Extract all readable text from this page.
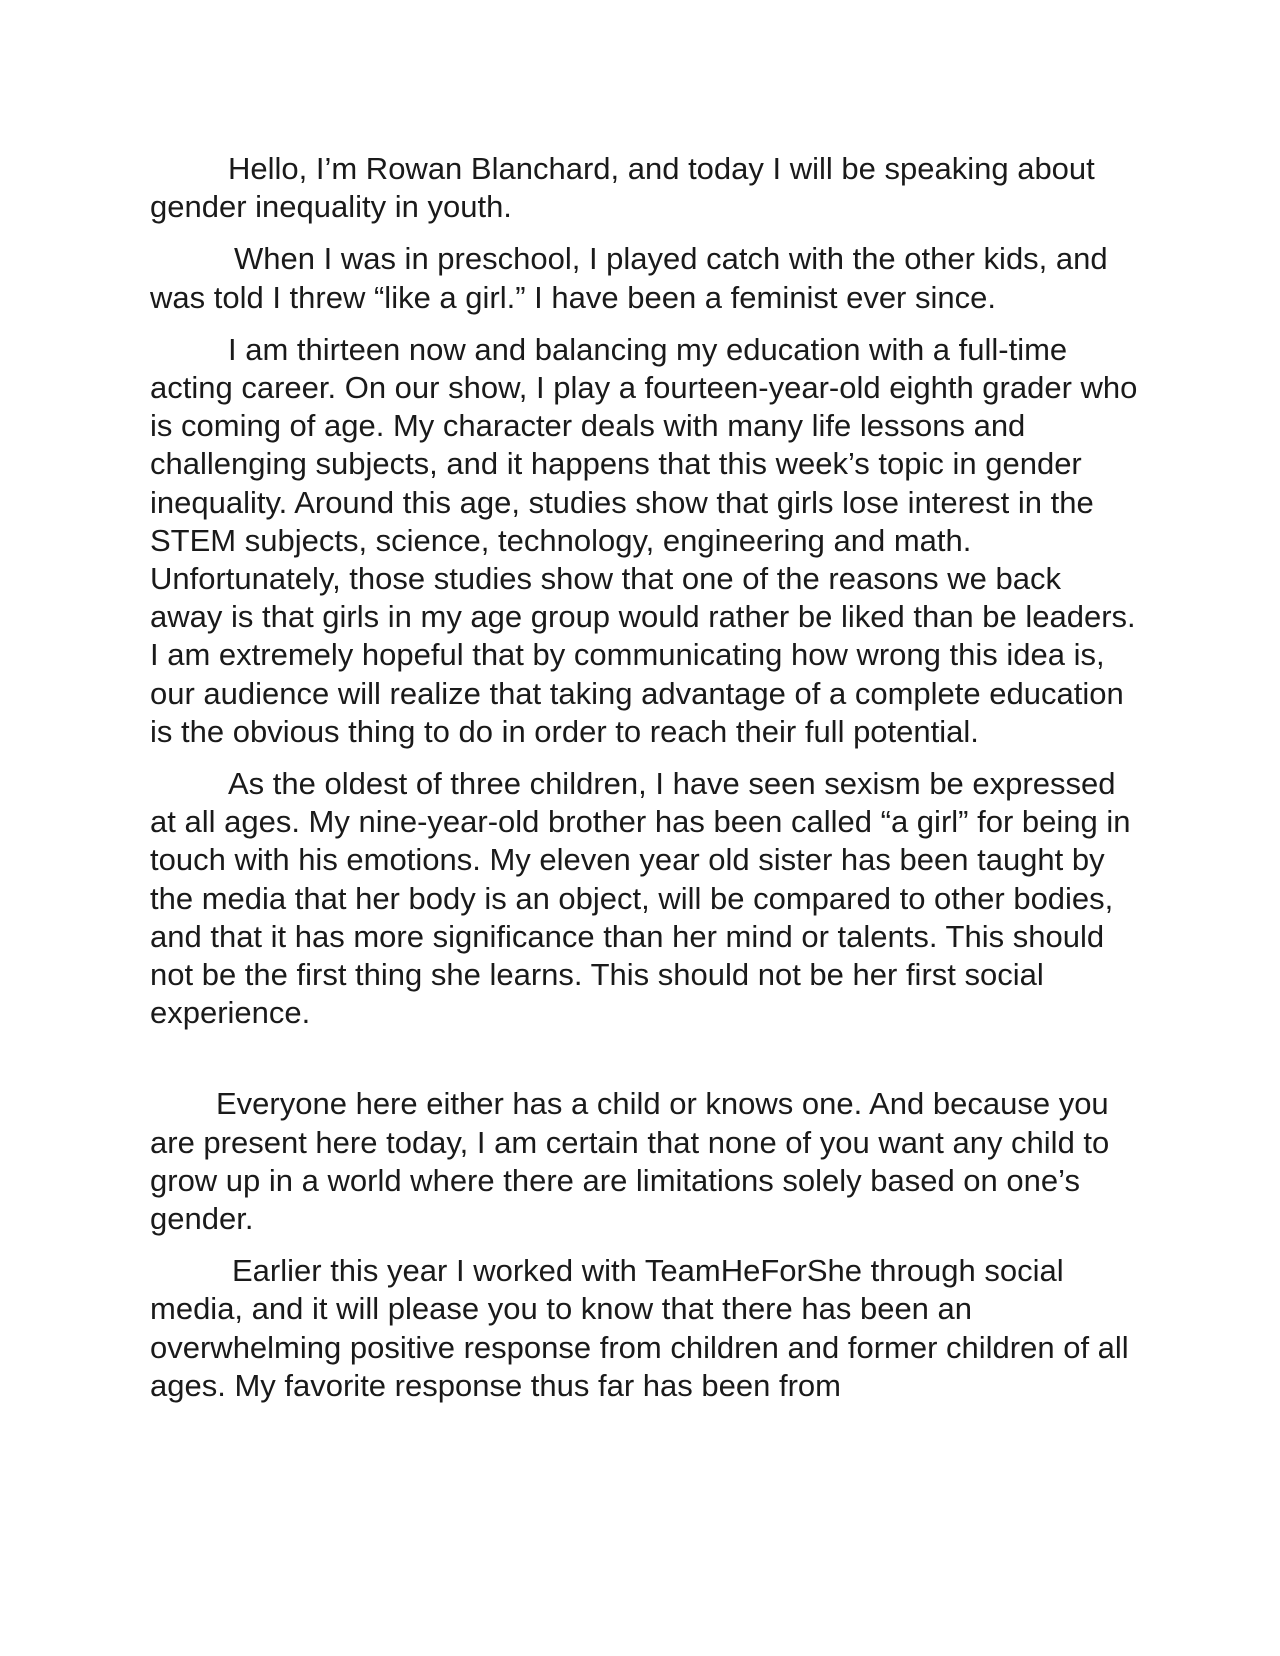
Hello, I’m Rowan Blanchard, and today I will be speaking about gender inequality in youth.

When I was in preschool, I played catch with the other kids, and was told I threw “like a girl.” I have been a feminist ever since.

I am thirteen now and balancing my education with a full-time acting career. On our show, I play a fourteen-year-old eighth grader who is coming of age. My character deals with many life lessons and challenging subjects, and it happens that this week’s topic in gender inequality. Around this age, studies show that girls lose interest in the STEM subjects, science, technology, engineering and math. Unfortunately, those studies show that one of the reasons we back away is that girls in my age group would rather be liked than be leaders. I am extremely hopeful that by communicating how wrong this idea is, our audience will realize that taking advantage of a complete education is the obvious thing to do in order to reach their full potential.

As the oldest of three children, I have seen sexism be expressed at all ages. My nine-year-old brother has been called “a girl” for being in touch with his emotions. My eleven year old sister has been taught by the media that her body is an object, will be compared to other bodies, and that it has more significance than her mind or talents. This should not be the first thing she learns. This should not be her first social experience.

Everyone here either has a child or knows one. And because you are present here today, I am certain that none of you want any child to grow up in a world where there are limitations solely based on one’s gender.

Earlier this year I worked with TeamHeForShe through social media, and it will please you to know that there has been an overwhelming positive response from children and former children of all ages. My favorite response thus far has been from
